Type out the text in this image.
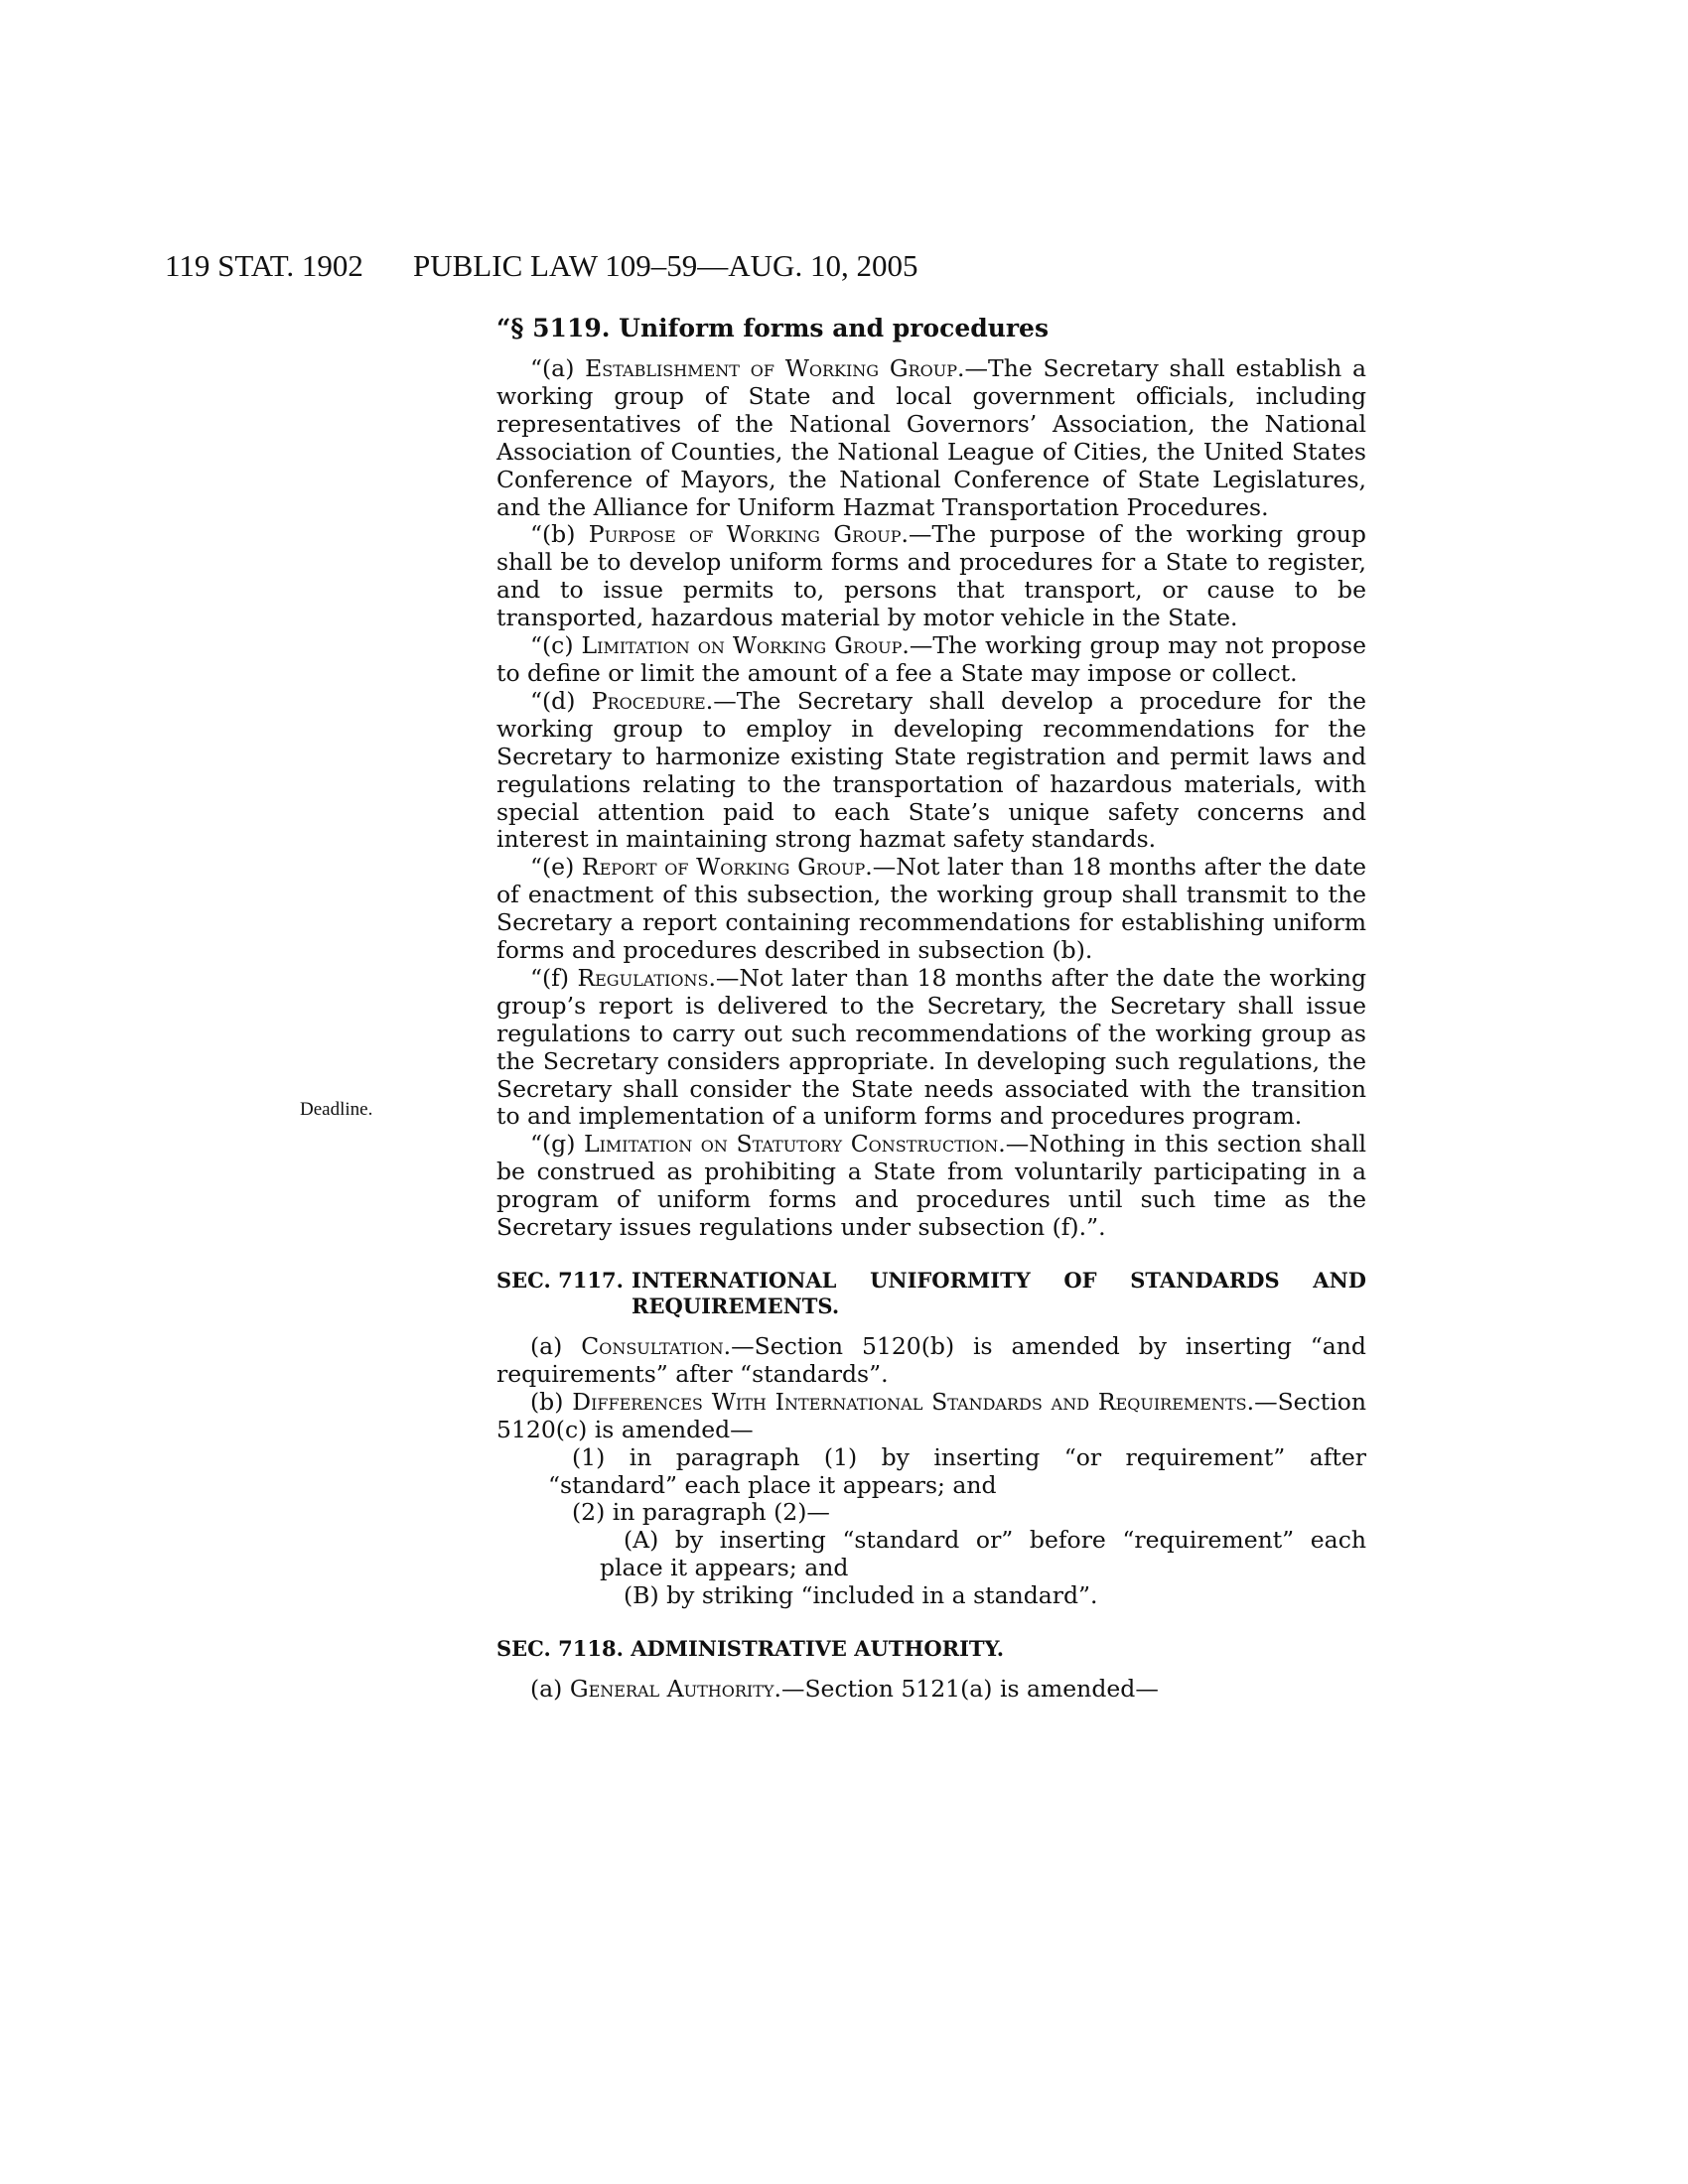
119 STAT. 1902 PUBLIC LAW 109–59—AUG. 10, 2005
Deadline.
“§ 5119. Uniform forms and procedures

“(a) Establishment of Working Group.—The Secretary shall establish a working group of State and local government officials, including representatives of the National Governors’ Association, the National Association of Counties, the National League of Cities, the United States Conference of Mayors, the National Conference of State Legislatures, and the Alliance for Uniform Hazmat Transportation Procedures.

“(b) Purpose of Working Group.—The purpose of the working group shall be to develop uniform forms and procedures for a State to register, and to issue permits to, persons that transport, or cause to be transported, hazardous material by motor vehicle in the State.

“(c) Limitation on Working Group.—The working group may not propose to define or limit the amount of a fee a State may impose or collect.

“(d) Procedure.—The Secretary shall develop a procedure for the working group to employ in developing recommendations for the Secretary to harmonize existing State registration and permit laws and regulations relating to the transportation of hazardous materials, with special attention paid to each State’s unique safety concerns and interest in maintaining strong hazmat safety standards.

“(e) Report of Working Group.—Not later than 18 months after the date of enactment of this subsection, the working group shall transmit to the Secretary a report containing recommendations for establishing uniform forms and procedures described in subsection (b).

“(f) Regulations.—Not later than 18 months after the date the working group’s report is delivered to the Secretary, the Secretary shall issue regulations to carry out such recommendations of the working group as the Secretary considers appropriate. In developing such regulations, the Secretary shall consider the State needs associated with the transition to and implementation of a uniform forms and procedures program.

“(g) Limitation on Statutory Construction.—Nothing in this section shall be construed as prohibiting a State from voluntarily participating in a program of uniform forms and procedures until such time as the Secretary issues regulations under subsection (f).”.

SEC. 7117. INTERNATIONAL UNIFORMITY OF STANDARDS AND
REQUIREMENTS.

(a) Consultation.—Section 5120(b) is amended by inserting “and requirements” after “standards”.

(b) Differences With International Standards and Requirements.—Section 5120(c) is amended—

(1) in paragraph (1) by inserting “or requirement” after “standard” each place it appears; and

(2) in paragraph (2)—

(A) by inserting “standard or” before “requirement” each place it appears; and

(B) by striking “included in a standard”.

SEC. 7118. ADMINISTRATIVE AUTHORITY.

(a) General Authority.—Section 5121(a) is amended—
